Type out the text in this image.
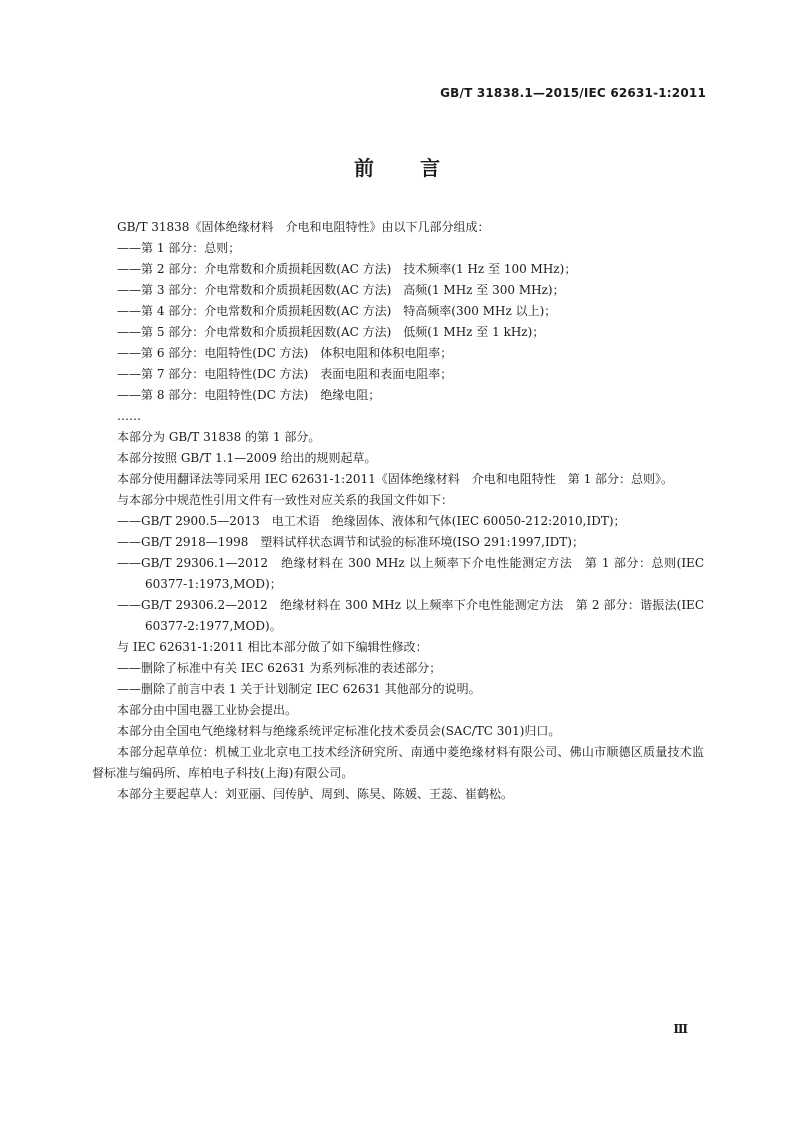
GB/T 31838.1—2015/IEC 62631-1:2011
前 言

GB/T 31838《固体绝缘材料　介电和电阻特性》由以下几部分组成：

——第 1 部分：总则；

——第 2 部分：介电常数和介质损耗因数(AC 方法)　技术频率(1 Hz 至 100 MHz)；

——第 3 部分：介电常数和介质损耗因数(AC 方法)　高频(1 MHz 至 300 MHz)；

——第 4 部分：介电常数和介质损耗因数(AC 方法)　特高频率(300 MHz 以上)；

——第 5 部分：介电常数和介质损耗因数(AC 方法)　低频(1 MHz 至 1 kHz)；

——第 6 部分：电阻特性(DC 方法)　体积电阻和体积电阻率；

——第 7 部分：电阻特性(DC 方法)　表面电阻和表面电阻率；

——第 8 部分：电阻特性(DC 方法)　绝缘电阻；

……

本部分为 GB/T 31838 的第 1 部分。

本部分按照 GB/T 1.1—2009 给出的规则起草。

本部分使用翻译法等同采用 IEC 62631-1:2011《固体绝缘材料　介电和电阻特性　第 1 部分：总则》。

与本部分中规范性引用文件有一致性对应关系的我国文件如下：

——GB/T 2900.5—2013　电工术语　绝缘固体、液体和气体(IEC 60050-212:2010,IDT)；

——GB/T 2918—1998　塑料试样状态调节和试验的标准环境(ISO 291:1997,IDT)；

——GB/T 29306.1—2012　绝缘材料在 300 MHz 以上频率下介电性能测定方法　第 1 部分：总则(IEC 60377-1:1973,MOD)；

——GB/T 29306.2—2012　绝缘材料在 300 MHz 以上频率下介电性能测定方法　第 2 部分：谐振法(IEC 60377-2:1977,MOD)。

与 IEC 62631-1:2011 相比本部分做了如下编辑性修改：

——删除了标准中有关 IEC 62631 为系列标准的表述部分；

——删除了前言中表 1 关于计划制定 IEC 62631 其他部分的说明。

本部分由中国电器工业协会提出。

本部分由全国电气绝缘材料与绝缘系统评定标准化技术委员会(SAC/TC 301)归口。

本部分起草单位：机械工业北京电工技术经济研究所、南通中菱绝缘材料有限公司、佛山市顺德区质量技术监督标准与编码所、库柏电子科技(上海)有限公司。

本部分主要起草人：刘亚丽、闫传胪、周到、陈昊、陈媛、王蕊、崔鹤松。

Ⅲ
